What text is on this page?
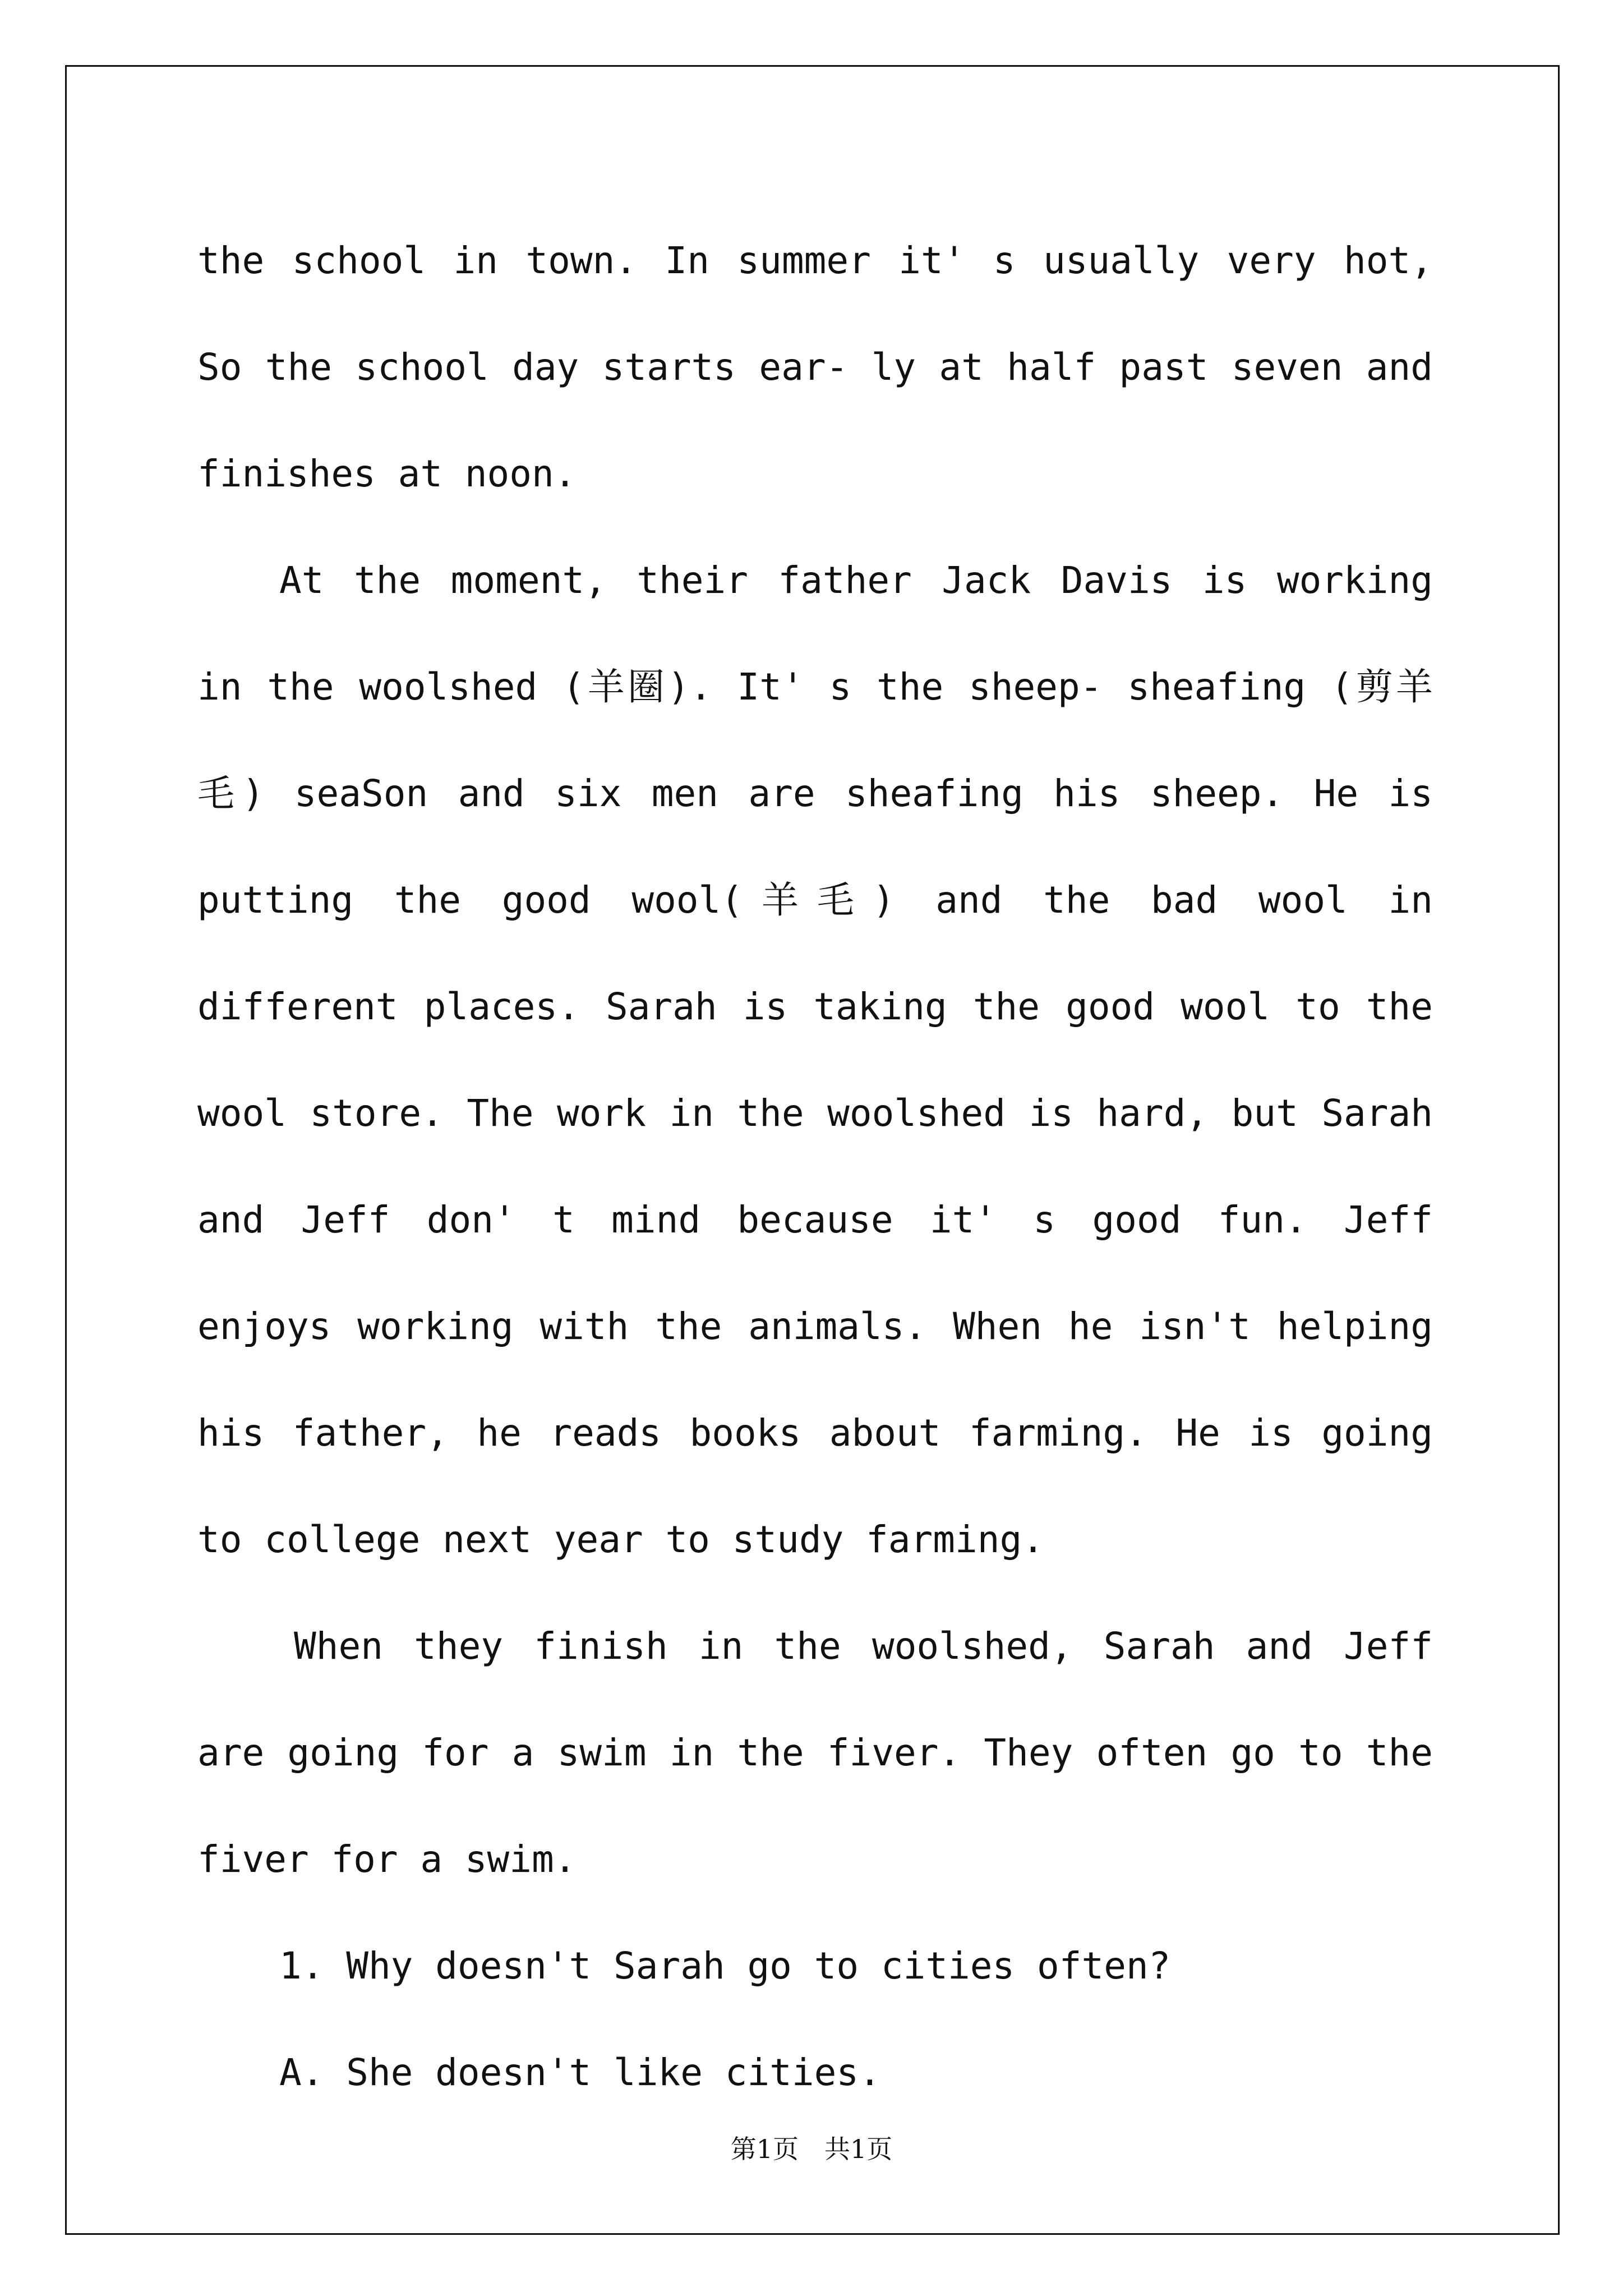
the school in town. In summer it' s usually very hot, So the school day starts ear- ly at half past seven and finishes at noon.

At the moment, their father Jack Davis is working in the woolshed (羊圈). It' s the sheep- sheafing (剪羊毛) seaSon and six men are sheafing his sheep. He is putting the good wool(羊毛) and the bad wool in different places. Sarah is taking the good wool to the wool store. The work in the woolshed is hard, but Sarah and Jeff don' t mind because it' s good fun. Jeff enjoys working with the animals. When he isn't helping his father, he reads books about farming. He is going to college next year to study farming.

When they finish in the woolshed, Sarah and Jeff are going for a swim in the fiver. They often go to the fiver for a swim.

1. Why doesn't Sarah go to cities often?

A. She doesn't like cities.

第1页 共1页
